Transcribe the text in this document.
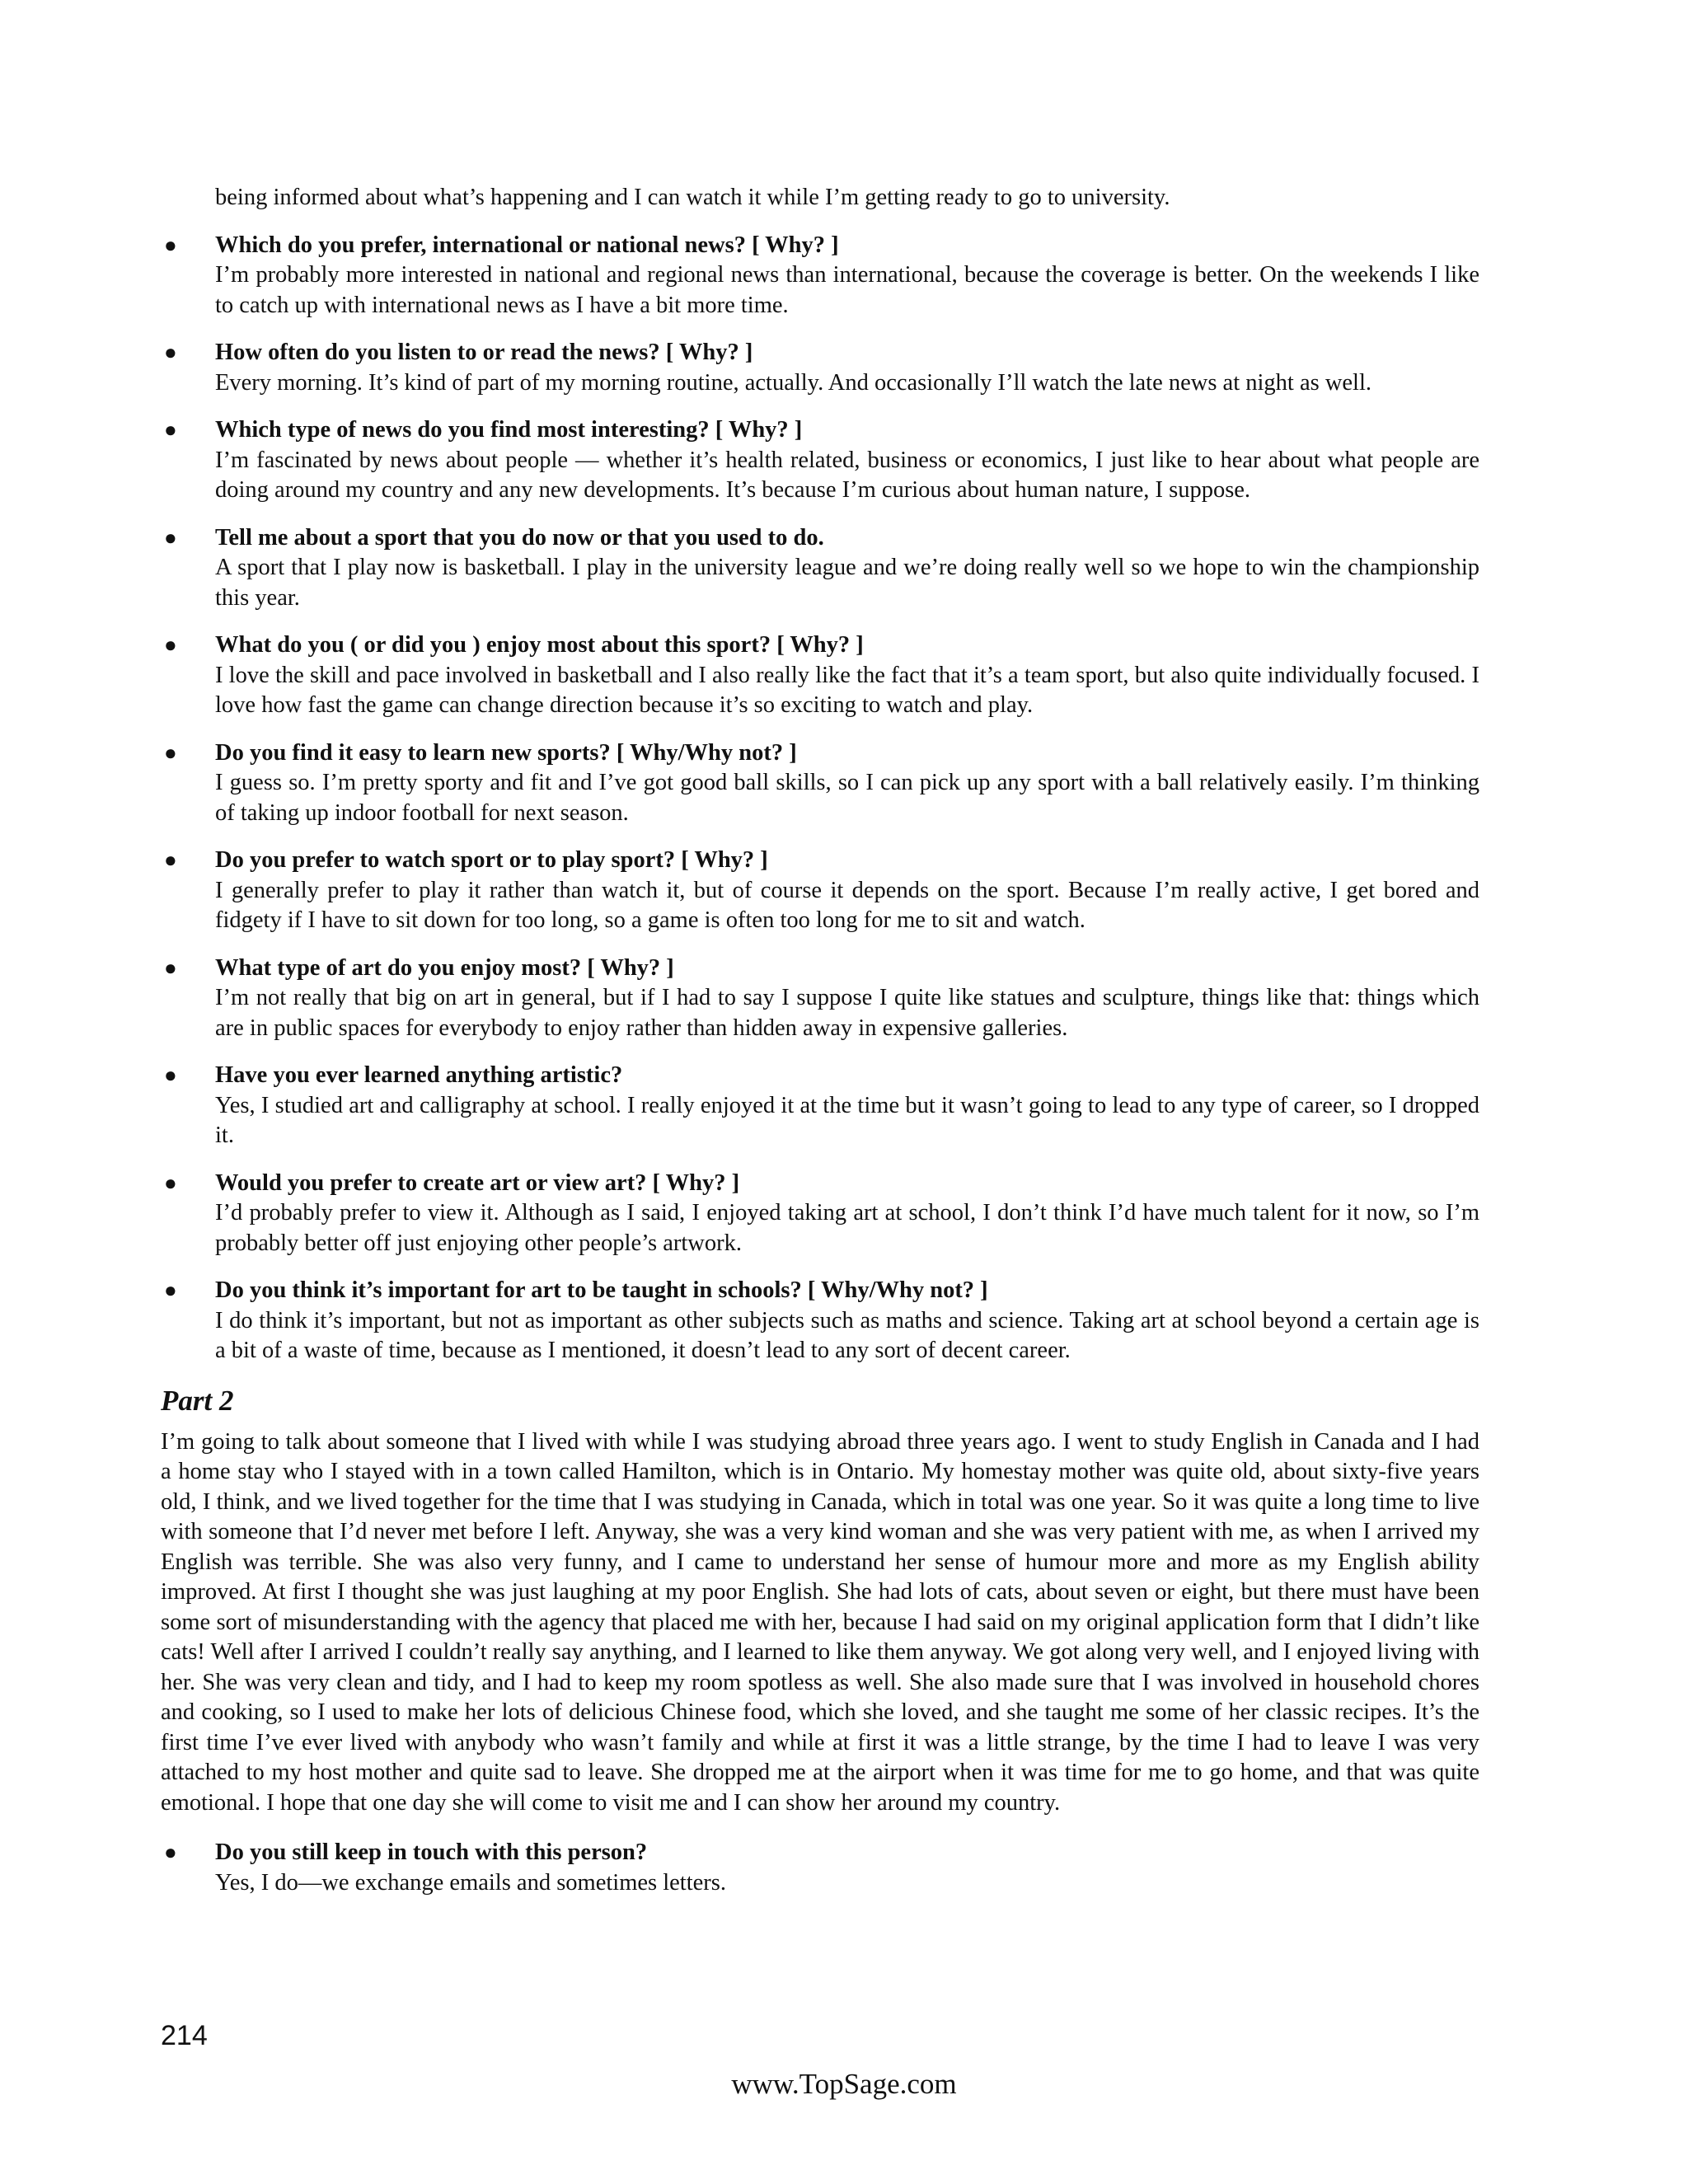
being informed about what’s happening and I can watch it while I’m getting ready to go to university.

● Which do you prefer, international or national news? [ Why? ]

I’m probably more interested in national and regional news than international, because the coverage is better. On the weekends I like to catch up with international news as I have a bit more time.

● How often do you listen to or read the news? [ Why? ]

Every morning. It’s kind of part of my morning routine, actually. And occasionally I’ll watch the late news at night as well.

● Which type of news do you find most interesting? [ Why? ]

I’m fascinated by news about people — whether it’s health related, business or economics, I just like to hear about what people are doing around my country and any new developments. It’s because I’m curious about human nature, I suppose.

● Tell me about a sport that you do now or that you used to do.

A sport that I play now is basketball. I play in the university league and we’re doing really well so we hope to win the championship this year.

● What do you ( or did you ) enjoy most about this sport? [ Why? ]

I love the skill and pace involved in basketball and I also really like the fact that it’s a team sport, but also quite individually focused. I love how fast the game can change direction because it’s so exciting to watch and play.

● Do you find it easy to learn new sports? [ Why/Why not? ]

I guess so. I’m pretty sporty and fit and I’ve got good ball skills, so I can pick up any sport with a ball relatively easily. I’m thinking of taking up indoor football for next season.

● Do you prefer to watch sport or to play sport? [ Why? ]

I generally prefer to play it rather than watch it, but of course it depends on the sport. Because I’m really active, I get bored and fidgety if I have to sit down for too long, so a game is often too long for me to sit and watch.

● What type of art do you enjoy most? [ Why? ]

I’m not really that big on art in general, but if I had to say I suppose I quite like statues and sculpture, things like that: things which are in public spaces for everybody to enjoy rather than hidden away in expensive galleries.

● Have you ever learned anything artistic?

Yes, I studied art and calligraphy at school. I really enjoyed it at the time but it wasn’t going to lead to any type of career, so I dropped it.

● Would you prefer to create art or view art? [ Why? ]

I’d probably prefer to view it. Although as I said, I enjoyed taking art at school, I don’t think I’d have much talent for it now, so I’m probably better off just enjoying other people’s artwork.

● Do you think it’s important for art to be taught in schools? [ Why/Why not? ]

I do think it’s important, but not as important as other subjects such as maths and science. Taking art at school beyond a certain age is a bit of a waste of time, because as I mentioned, it doesn’t lead to any sort of decent career.

Part 2

I’m going to talk about someone that I lived with while I was studying abroad three years ago. I went to study English in Canada and I had a home stay who I stayed with in a town called Hamilton, which is in Ontario. My homestay mother was quite old, about sixty-five years old, I think, and we lived together for the time that I was studying in Canada, which in total was one year. So it was quite a long time to live with someone that I’d never met before I left. Anyway, she was a very kind woman and she was very patient with me, as when I arrived my English was terrible. She was also very funny, and I came to understand her sense of humour more and more as my English ability improved. At first I thought she was just laughing at my poor English. She had lots of cats, about seven or eight, but there must have been some sort of misunderstanding with the agency that placed me with her, because I had said on my original application form that I didn’t like cats! Well after I arrived I couldn’t really say anything, and I learned to like them anyway. We got along very well, and I enjoyed living with her. She was very clean and tidy, and I had to keep my room spotless as well. She also made sure that I was involved in household chores and cooking, so I used to make her lots of delicious Chinese food, which she loved, and she taught me some of her classic recipes. It’s the first time I’ve ever lived with anybody who wasn’t family and while at first it was a little strange, by the time I had to leave I was very attached to my host mother and quite sad to leave. She dropped me at the airport when it was time for me to go home, and that was quite emotional. I hope that one day she will come to visit me and I can show her around my country.

● Do you still keep in touch with this person?

Yes, I do—we exchange emails and sometimes letters.

214
www.TopSage.com
